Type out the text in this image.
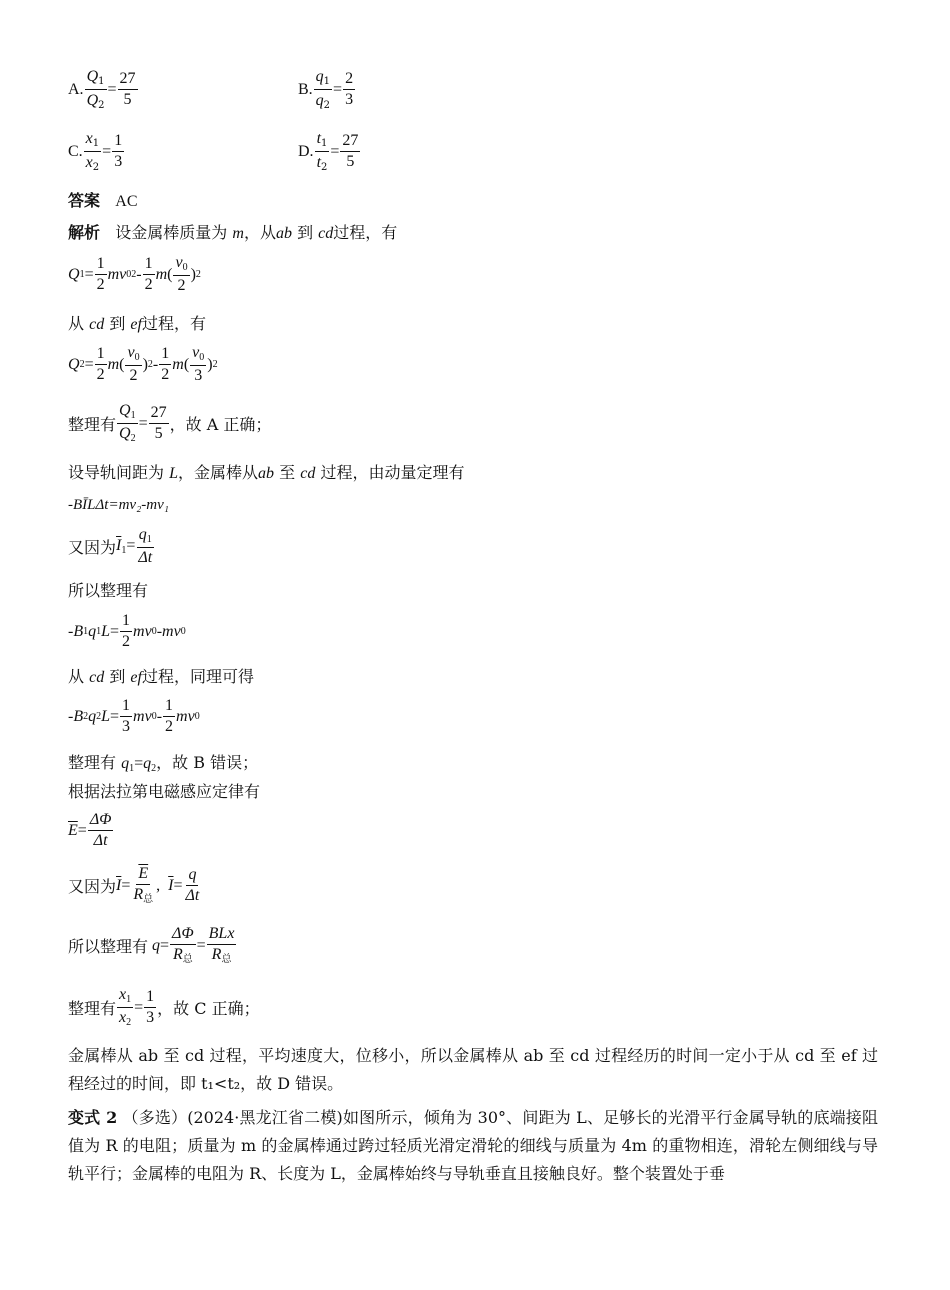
A. $\frac{Q_1}{Q_2} = \frac{27}{5}$	B. $\frac{q_1}{q_2} = \frac{2}{3}$
C. $\frac{x_1}{x_2} = \frac{1}{3}$	D. $\frac{t_1}{t_2} = \frac{27}{5}$
答案 AC
解析 设金属棒质量为 m，从ab 到 cd过程，有
Q $1 = \frac{1}{2}$ mv 0 $2 - \frac{1}{2}$ m ( $\frac{v_0}{2}$ ) 2
从 cd 到 ef过程，有
Q $2 = \frac{1}{2}$ m ( $\frac{v_0}{2}$ ) $2 - \frac{1}{2}$ m ( $\frac{v_0}{3}$ ) 2
整理有 $\frac{Q_1}{Q_2} = \frac{27}{5}$ ，故 A 正确；
设导轨间距为 L，金属棒从ab 至 cd 过程，由动量定理有
-BĪLΔt=mv₂-mv₁
又因为 $\overline{I}_1= \frac{q_1}{\Delta t}$
所以整理有
- B 1 q 1 $L = \frac{1}{2}$ mv 0 - mv 0
从 cd 到 ef过程，同理可得
- B 2 q 2 $L = \frac{1}{3}$ mv $0 - \frac{1}{2}$ mv 0
整理有 $q_1=q_2$，故 B 错误；
根据法拉第电磁感应定律有
$\overline{E} = \frac{\Delta\Phi}{\Delta t}$
又因为 $\overline{I}= \frac{\overline{E}}{R_总}$ ,  $\overline{I}= \frac{q}{\Delta t}$
所以整理有 $q= \frac{\Delta\Phi}{R_总} = \frac{\text{BLx}}{R_总}$
整理有 $\frac{x_1}{x_2} = \frac{1}{3}$ ，故 C 正确；
金属棒从 ab 至 cd 过程，平均速度大，位移小，所以金属棒从 ab 至 cd 过程经历的时间一定小于从 cd 至 ef 过程经过的时间，即 t₁<t₂，故 D 错误。
变式 2 （多选）(2024·黑龙江省二模)如图所示，倾角为 30°、间距为 L、足够长的光滑平行金属导轨的底端接阻值为 R 的电阻；质量为 m 的金属棒通过跨过轻质光滑定滑轮的细线与质量为 4m 的重物相连，滑轮左侧细线与导轨平行；金属棒的电阻为 R、长度为 L，金属棒始终与导轨垂直且接触良好。整个装置处于垂
